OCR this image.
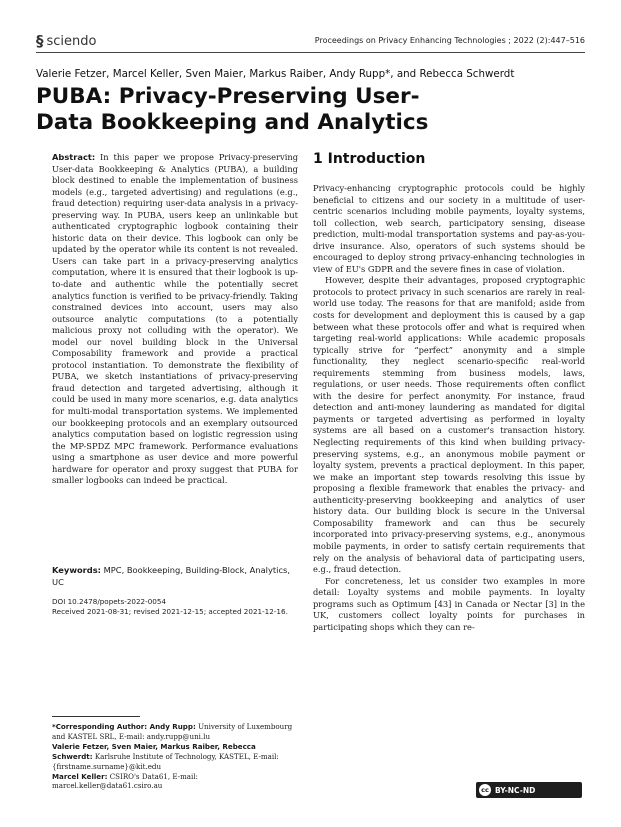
§ sciendo	Proceedings on Privacy Enhancing Technologies ; 2022 (2):447–516
Valerie Fetzer, Marcel Keller, Sven Maier, Markus Raiber, Andy Rupp*, and Rebecca Schwerdt
PUBA: Privacy-Preserving User-Data Bookkeeping and Analytics

Abstract: In this paper we propose Privacy-preserving User-data Bookkeeping & Analytics (PUBA), a building block destined to enable the implementation of business models (e.g., targeted advertising) and regulations (e.g., fraud detection) requiring user-data analysis in a privacy-preserving way. In PUBA, users keep an unlinkable but authenticated cryptographic logbook containing their historic data on their device. This logbook can only be updated by the operator while its content is not revealed. Users can take part in a privacy-preserving analytics computation, where it is ensured that their logbook is up-to-date and authentic while the potentially secret analytics function is verified to be privacy-friendly. Taking constrained devices into account, users may also outsource analytic computations (to a potentially malicious proxy not colluding with the operator). We model our novel building block in the Universal Composability framework and provide a practical protocol instantiation. To demonstrate the flexibility of PUBA, we sketch instantiations of privacy-preserving fraud detection and targeted advertising, although it could be used in many more scenarios, e.g. data analytics for multi-modal transportation systems. We implemented our bookkeeping protocols and an exemplary outsourced analytics computation based on logistic regression using the MP-SPDZ MPC framework. Performance evaluations using a smartphone as user device and more powerful hardware for operator and proxy suggest that PUBA for smaller logbooks can indeed be practical.

Keywords: MPC, Bookkeeping, Building-Block, Analytics, UC
DOI 10.2478/popets-2022-0054
Received 2021-08-31; revised 2021-12-15; accepted 2021-12-16.

*Corresponding Author: Andy Rupp: University of Luxembourg and KASTEL SRL, E-mail: andy.rupp@uni.lu

Valerie Fetzer, Sven Maier, Markus Raiber, Rebecca Schwerdt: Karlsruhe Institute of Technology, KASTEL, E-mail: {firstname.surname}@kit.edu

Marcel Keller: CSIRO's Data61, E-mail: marcel.keller@data61.csiro.au

1 Introduction

Privacy-enhancing cryptographic protocols could be highly beneficial to citizens and our society in a multitude of user-centric scenarios including mobile payments, loyalty systems, toll collection, web search, participatory sensing, disease prediction, multi-modal transportation systems and pay-as-you-drive insurance. Also, operators of such systems should be encouraged to deploy strong privacy-enhancing technologies in view of EU's GDPR and the severe fines in case of violation.

However, despite their advantages, proposed cryptographic protocols to protect privacy in such scenarios are rarely in real-world use today. The reasons for that are manifold; aside from costs for development and deployment this is caused by a gap between what these protocols offer and what is required when targeting real-world applications: While academic proposals typically strive for “perfect” anonymity and a simple functionality, they neglect scenario-specific real-world requirements stemming from business models, laws, regulations, or user needs. Those requirements often conflict with the desire for perfect anonymity. For instance, fraud detection and anti-money laundering as mandated for digital payments or targeted advertising as performed in loyalty systems are all based on a customer's transaction history. Neglecting requirements of this kind when building privacy-preserving systems, e.g., an anonymous mobile payment or loyalty system, prevents a practical deployment. In this paper, we make an important step towards resolving this issue by proposing a flexible framework that enables the privacy- and authenticity-preserving bookkeeping and analytics of user history data. Our building block is secure in the Universal Composability framework and can thus be securely incorporated into privacy-preserving systems, e.g., anonymous mobile payments, in order to satisfy certain requirements that rely on the analysis of behavioral data of participating users, e.g., fraud detection.

For concreteness, let us consider two examples in more detail: Loyalty systems and mobile payments. In loyalty programs such as Optimum [43] in Canada or Nectar [3] in the UK, customers collect loyalty points for purchases in participating shops which they can re-

cc BY-NC-ND
